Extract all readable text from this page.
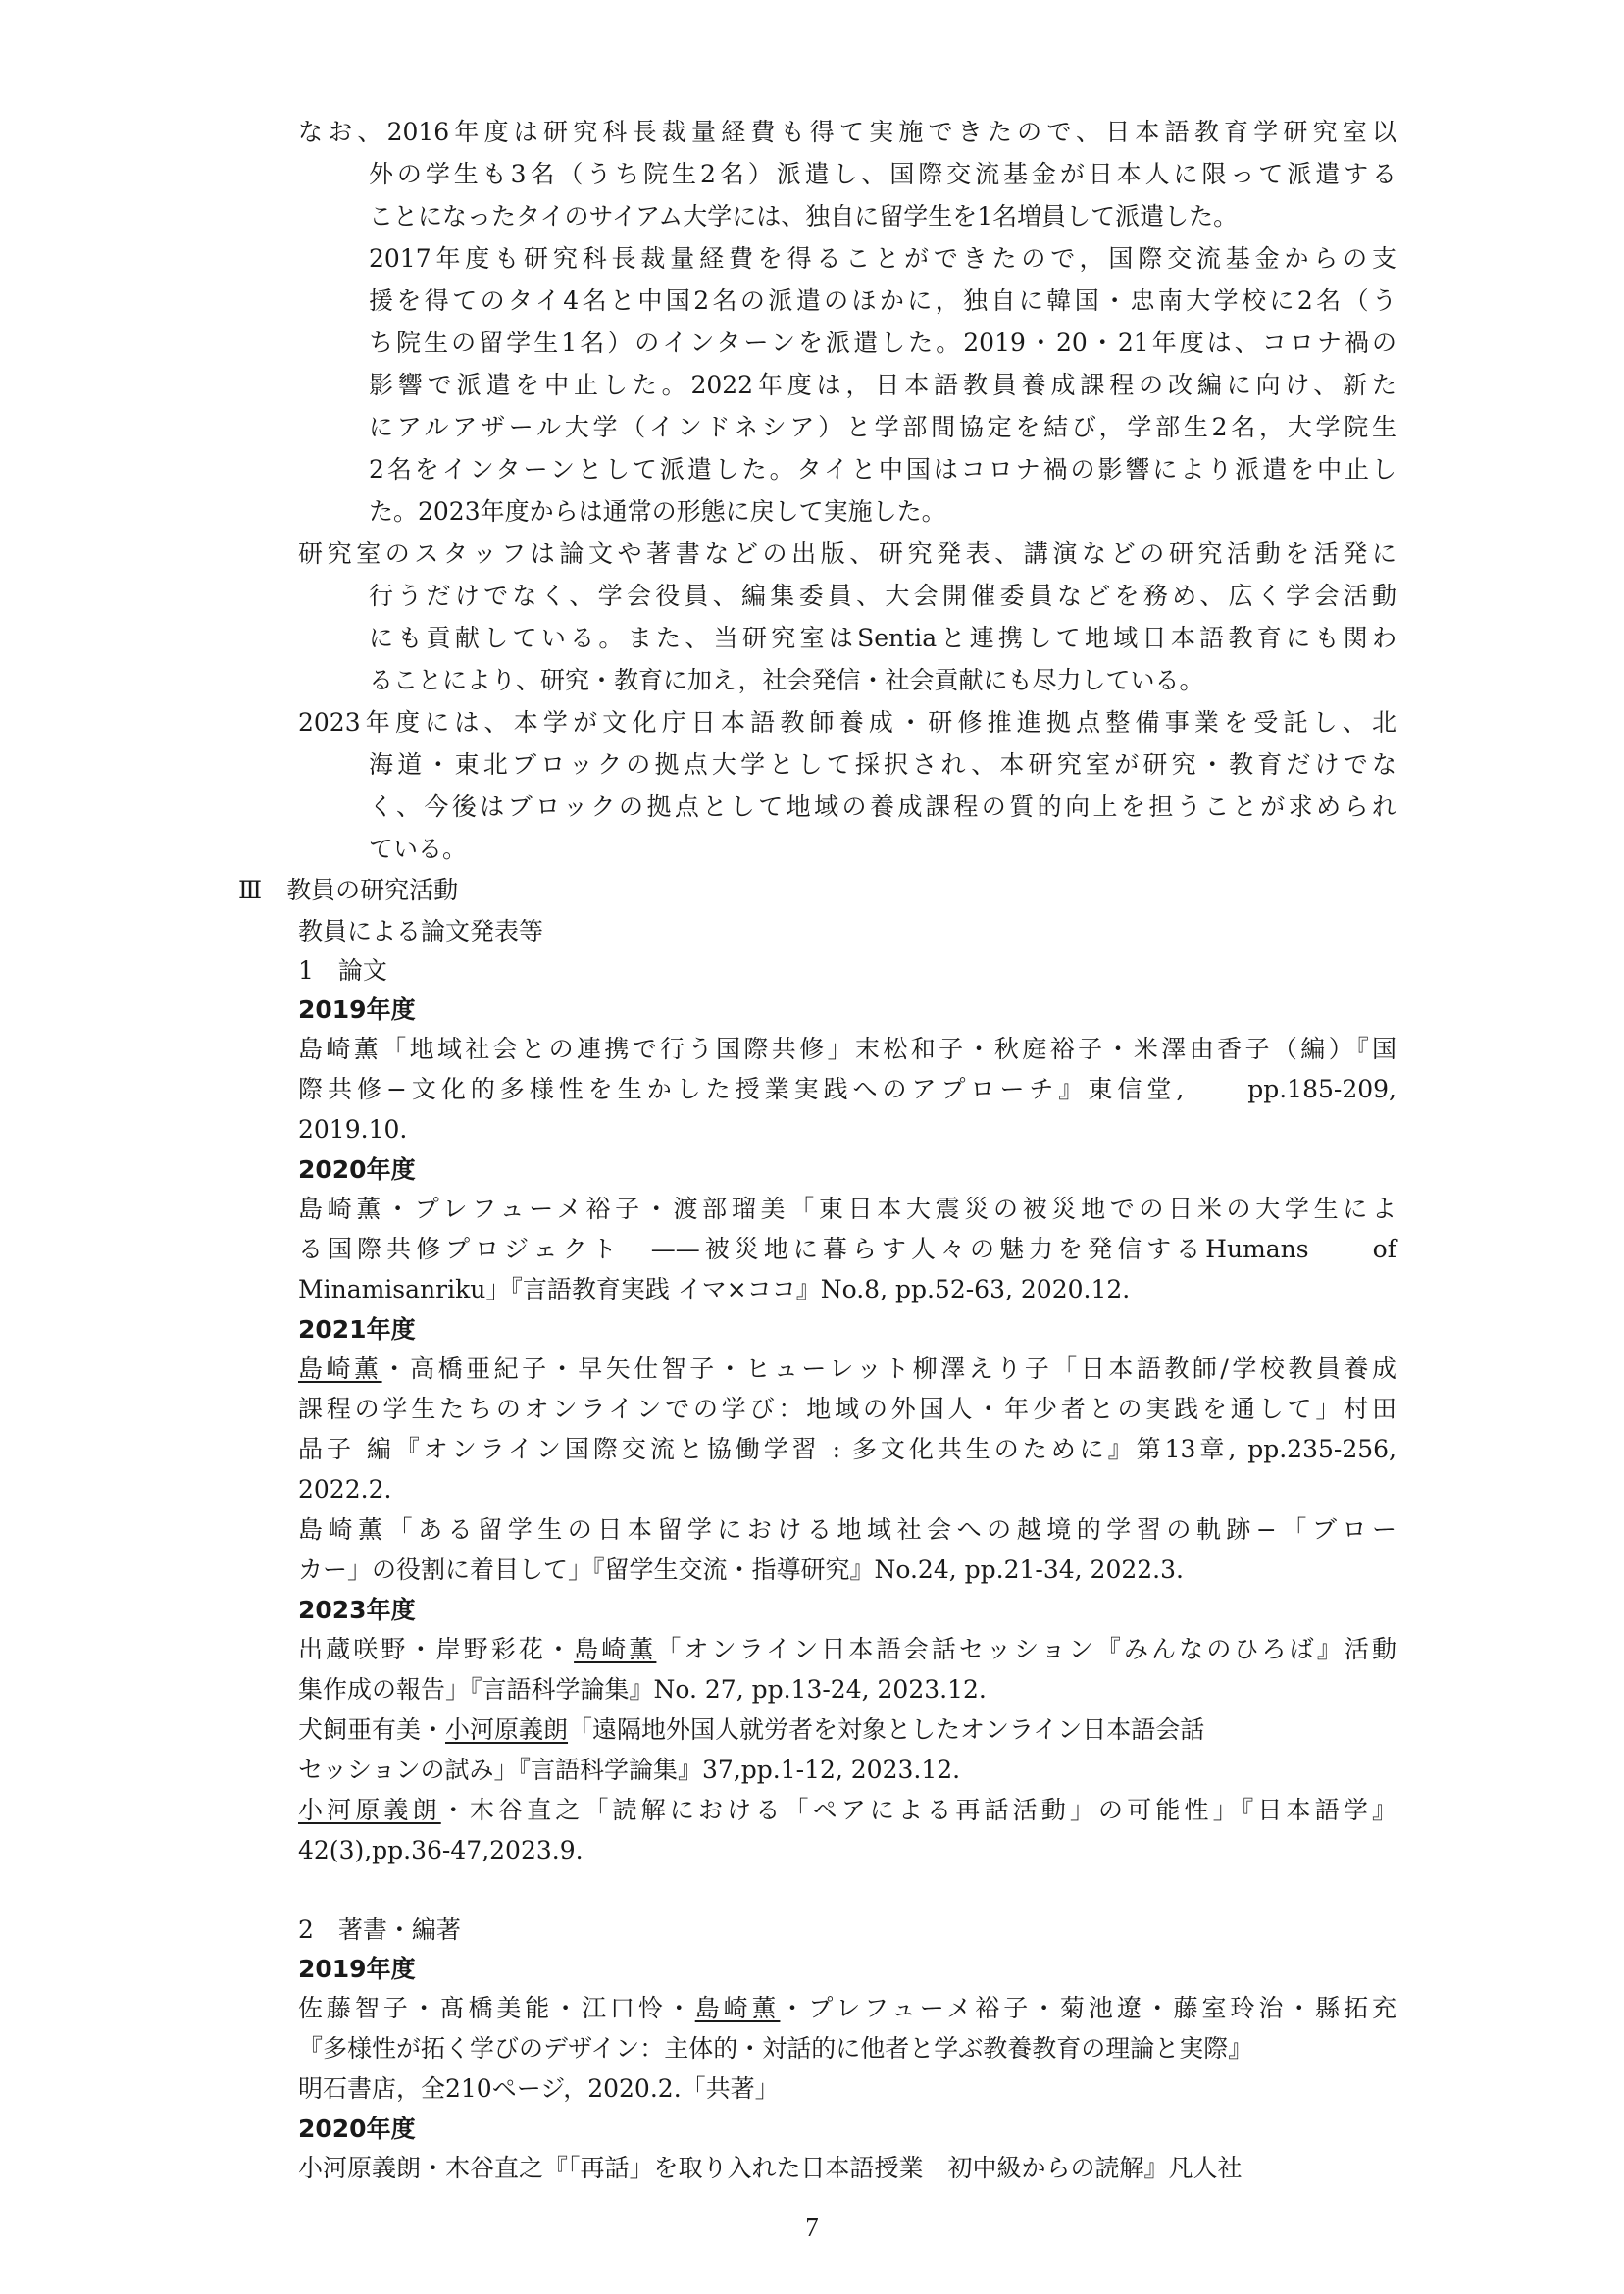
なお、2016年度は研究科長裁量経費も得て実施できたので、日本語教育学研究室以
外の学生も3名（うち院生2名）派遣し、国際交流基金が日本人に限って派遣する
ことになったタイのサイアム大学には、独自に留学生を1名増員して派遣した。
2017年度も研究科長裁量経費を得ることができたので，国際交流基金からの支
援を得てのタイ4名と中国2名の派遣のほかに，独自に韓国・忠南大学校に2名（う
ち院生の留学生1名）のインターンを派遣した。2019・20・21年度は、コロナ禍の
影響で派遣を中止した。2022年度は，日本語教員養成課程の改編に向け、新た
にアルアザール大学（インドネシア）と学部間協定を結び，学部生2名，大学院生
2名をインターンとして派遣した。タイと中国はコロナ禍の影響により派遣を中止し
た。2023年度からは通常の形態に戻して実施した。
研究室のスタッフは論文や著書などの出版、研究発表、講演などの研究活動を活発に
行うだけでなく、学会役員、編集委員、大会開催委員などを務め、広く学会活動
にも貢献している。また、当研究室はSentiaと連携して地域日本語教育にも関わ
ることにより、研究・教育に加え，社会発信・社会貢献にも尽力している。
2023年度には、本学が文化庁日本語教師養成・研修推進拠点整備事業を受託し、北
海道・東北ブロックの拠点大学として採択され、本研究室が研究・教育だけでな
く、今後はブロックの拠点として地域の養成課程の質的向上を担うことが求められ
ている。
Ⅲ　教員の研究活動
教員による論文発表等
1　論文
2019年度
島崎薫「地域社会との連携で行う国際共修」末松和子・秋庭裕子・米澤由香子（編）『国
際共修−文化的多様性を生かした授業実践へのアプローチ』東信堂,　　pp.185-209,
2019.10.
2020年度
島崎薫・プレフューメ裕子・渡部瑠美「東日本大震災の被災地での日米の大学生によ
る国際共修プロジェクト　——被災地に暮らす人々の魅力を発信するHumans　　of
Minamisanriku」『言語教育実践 イマ×ココ』No.8, pp.52-63, 2020.12.
2021年度
島崎薫・高橋亜紀子・早矢仕智子・ヒューレット柳澤えり子「日本語教師/学校教員養成
課程の学生たちのオンラインでの学び：地域の外国人・年少者との実践を通して」村田
晶子 編『オンライン国際交流と協働学習 : 多文化共生のために』第13章, pp.235-256,
2022.2.
島崎薫「ある留学生の日本留学における地域社会への越境的学習の軌跡−「ブロー
カー」の役割に着目して」『留学生交流・指導研究』No.24, pp.21-34, 2022.3.
2023年度
出蔵咲野・岸野彩花・島崎薫「オンライン日本語会話セッション『みんなのひろば』活動
集作成の報告」『言語科学論集』No. 27, pp.13-24, 2023.12.
犬飼亜有美・小河原義朗「遠隔地外国人就労者を対象としたオンライン日本語会話
セッションの試み」『言語科学論集』37,pp.1-12, 2023.12.
小河原義朗・木谷直之「読解における「ペアによる再話活動」の可能性」『日本語学』
42(3),pp.36-47,2023.9.
2　著書・編著
2019年度
佐藤智子・髙橋美能・江口怜・島崎薫・プレフューメ裕子・菊池遼・藤室玲治・縣拓充
『多様性が拓く学びのデザイン：主体的・対話的に他者と学ぶ教養教育の理論と実際』
明石書店，全210ページ，2020.2.「共著」
2020年度
小河原義朗・木谷直之『「再話」を取り入れた日本語授業　初中級からの読解』凡人社
7
